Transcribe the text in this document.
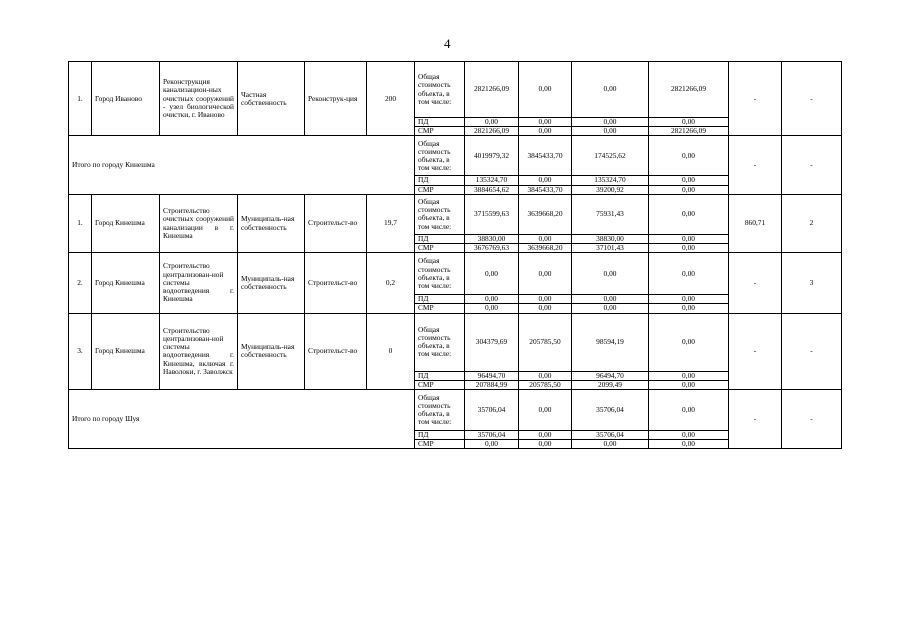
4
1.	Город Иваново	Реконструкция канализацион-ных очистных сооружений - узел биологической очистки, г. Иваново	Частная собственность	Реконструк-ция	200	Общая стоимость объекта, в том числе:	2821266,09	0,00	0,00	2821266,09	-	-
						ПД	0,00	0,00	0,00	0,00		
						СМР	2821266,09	0,00	0,00	2821266,09		
Итого по городу Кинешма						Общая стоимость объекта, в том числе:	4019979,32	3845433,70	174525,62	0,00	-	-
						ПД	135324,70	0,00	135324,70	0,00		
						СМР	3884654,62	3845433,70	39200,92	0,00		
1.	Город Кинешма	Строительство очистных сооружений канализации в г. Кинешма	Муниципаль-ная собственность	Строительст-во	19,7	Общая стоимость объекта, в том числе:	3715599,63	3639668,20	75931,43	0,00	860,71	2
						ПД	38830,00	0,00	38830,00	0,00		
						СМР	3676769,63	3639668,20	37101,43	0,00		
2.	Город Кинешма	Строительство централизован-ной системы водоотведения г. Кинешма	Муниципаль-ная собственность	Строительст-во	0,2	Общая стоимость объекта, в том числе:	0,00	0,00	0,00	0,00	-	3
						ПД	0,00	0,00	0,00	0,00		
						СМР	0,00	0,00	0,00	0,00		
3.	Город Кинешма	Строительство централизован-ной системы водоотведения г. Кинешма, включая г. Наволоки, г. Заволжск	Муниципаль-ная собственность	Строительст-во	0	Общая стоимость объекта, в том числе:	304379,69	205785,50	98594,19	0,00	-	-
						ПД	96494,70	0,00	96494,70	0,00		
						СМР	207884,99	205785,50	2099,49	0,00		
Итого по городу Шуя						Общая стоимость объекта, в том числе:	35706,04	0,00	35706,04	0,00	-	-
						ПД	35706,04	0,00	35706,04	0,00		
						СМР	0,00	0,00	0,00	0,00		
